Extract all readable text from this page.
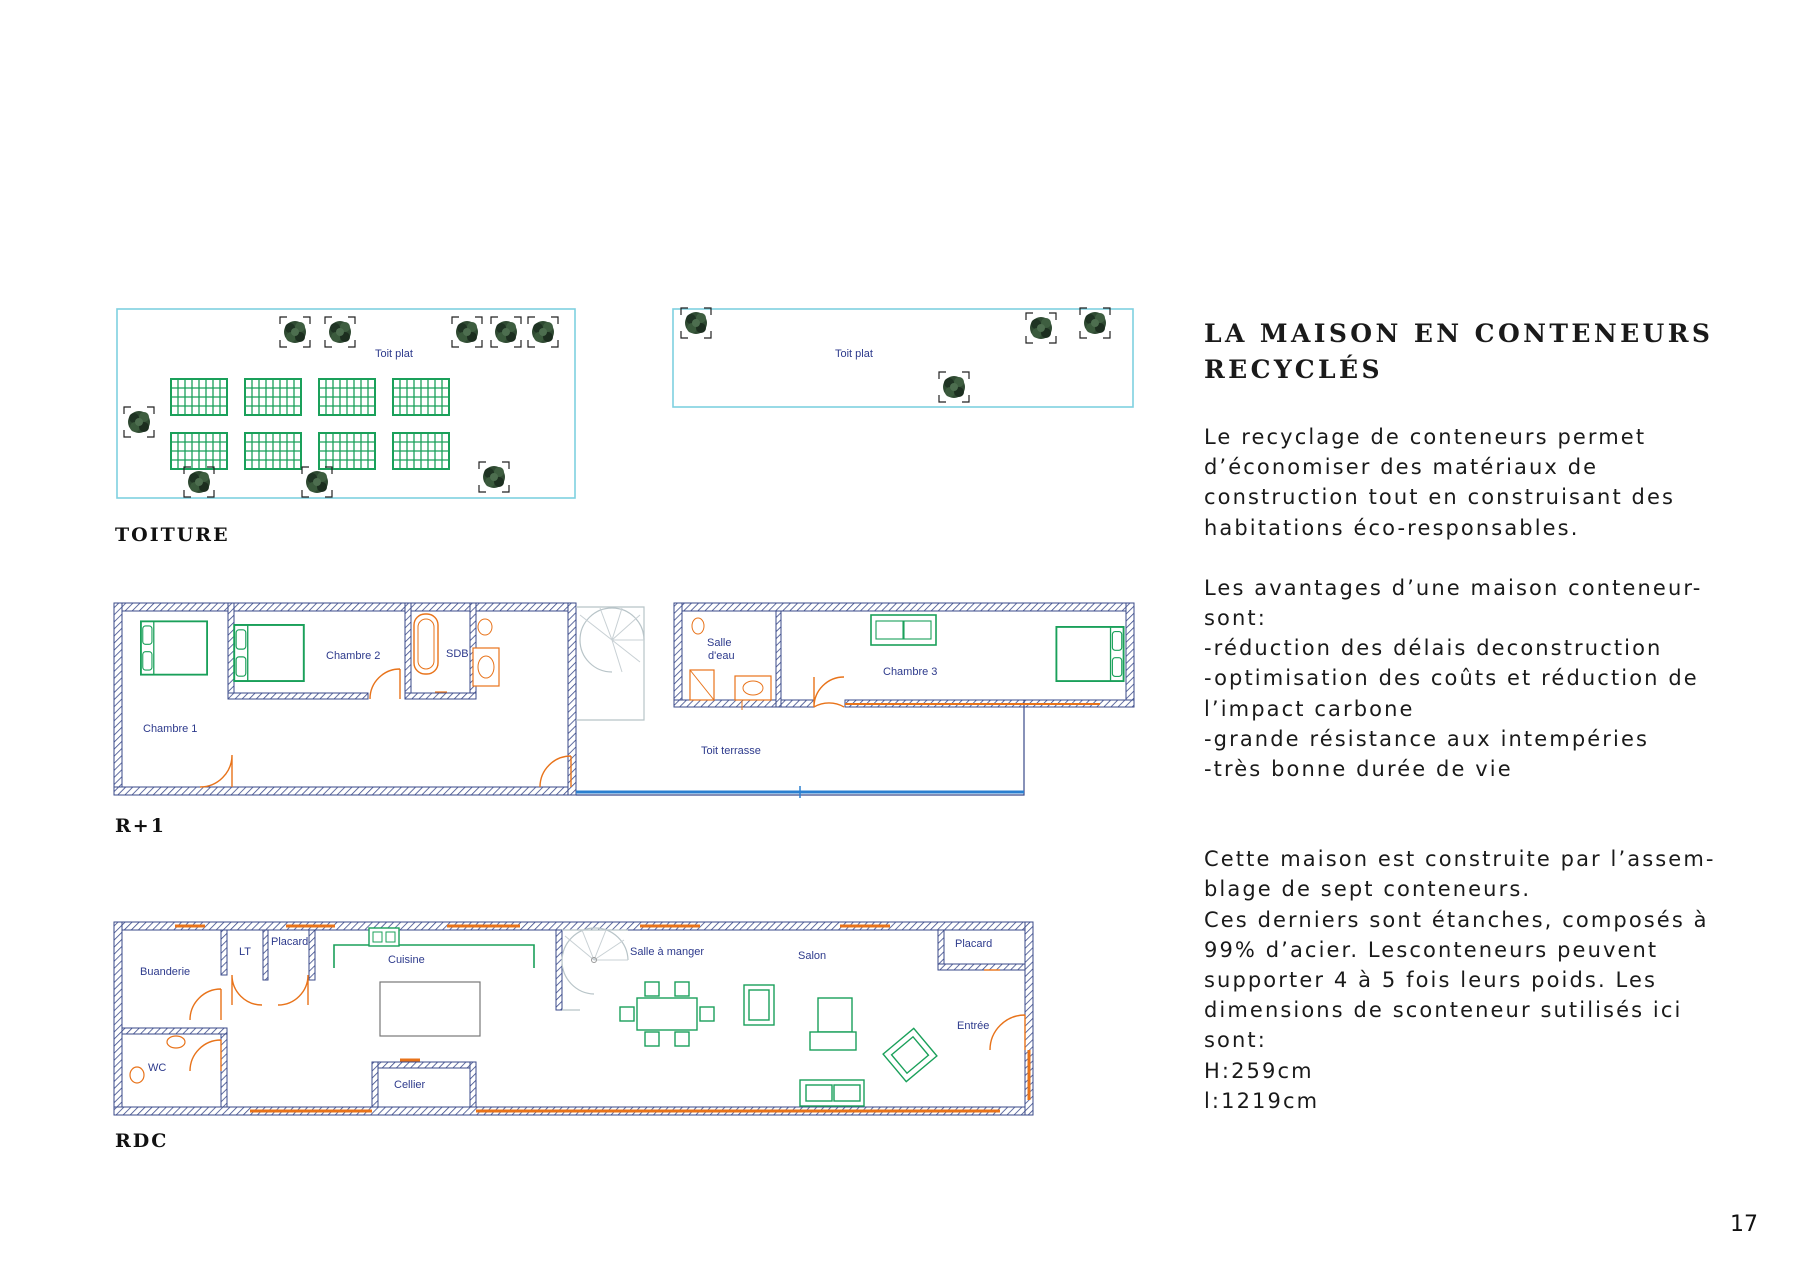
Toit plat	Toit plat
Chambre 1
Chambre 2	SDB
Salle
d'eau
Chambre 3
Toit terrasse
Buanderie
LT
Placard
Cuisine
Salle à manger	Salon
Placard
Entrée
WC
Cellier

TOITURE

R+1

RDC

LA MAISON EN CONTENEURS RECYCLÉS

Le recyclage de conteneurs permet
d’économiser des matériaux de
construction tout en construisant des
habitations éco-responsables.

Les avantages d’une maison conteneur-
sont:
-réduction des délais deconstruction
-optimisation des coûts et réduction de
l’impact carbone
-grande résistance aux intempéries
-très bonne durée de vie

Cette maison est construite par l’assem-
blage de sept conteneurs.
Ces derniers sont étanches, composés à
99% d’acier. Lesconteneurs peuvent
supporter 4 à 5 fois leurs poids. Les
dimensions de sconteneur sutilisés ici
sont:
H:259cm
l:1219cm

17
